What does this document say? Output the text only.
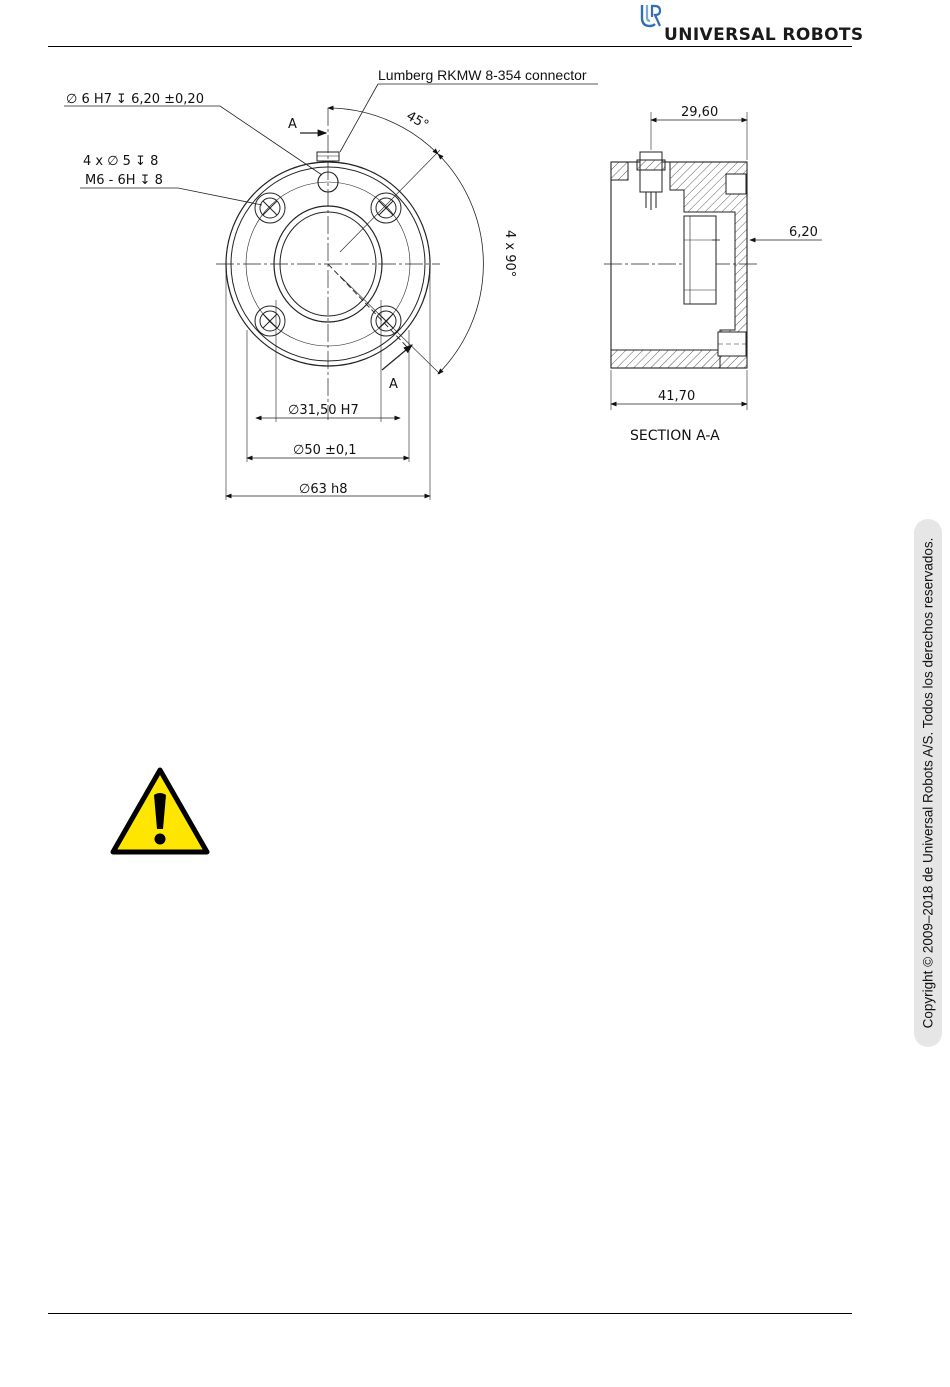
UNIVERSAL ROBOTS
Lumberg RKMW 8-354 connector
∅ 6 H7 ↧ 6,20 ±0,20
4 x ∅ 5 ↧ 8
M6 - 6H ↧ 8
A
A
45°
4 x 90°
∅31,50 H7
∅50 ±0,1
∅63 h8
29,60
6,20
41,70
SECTION A-A
Copyright © 2009–2018 de Universal Robots A/S. Todos los derechos reservados.
